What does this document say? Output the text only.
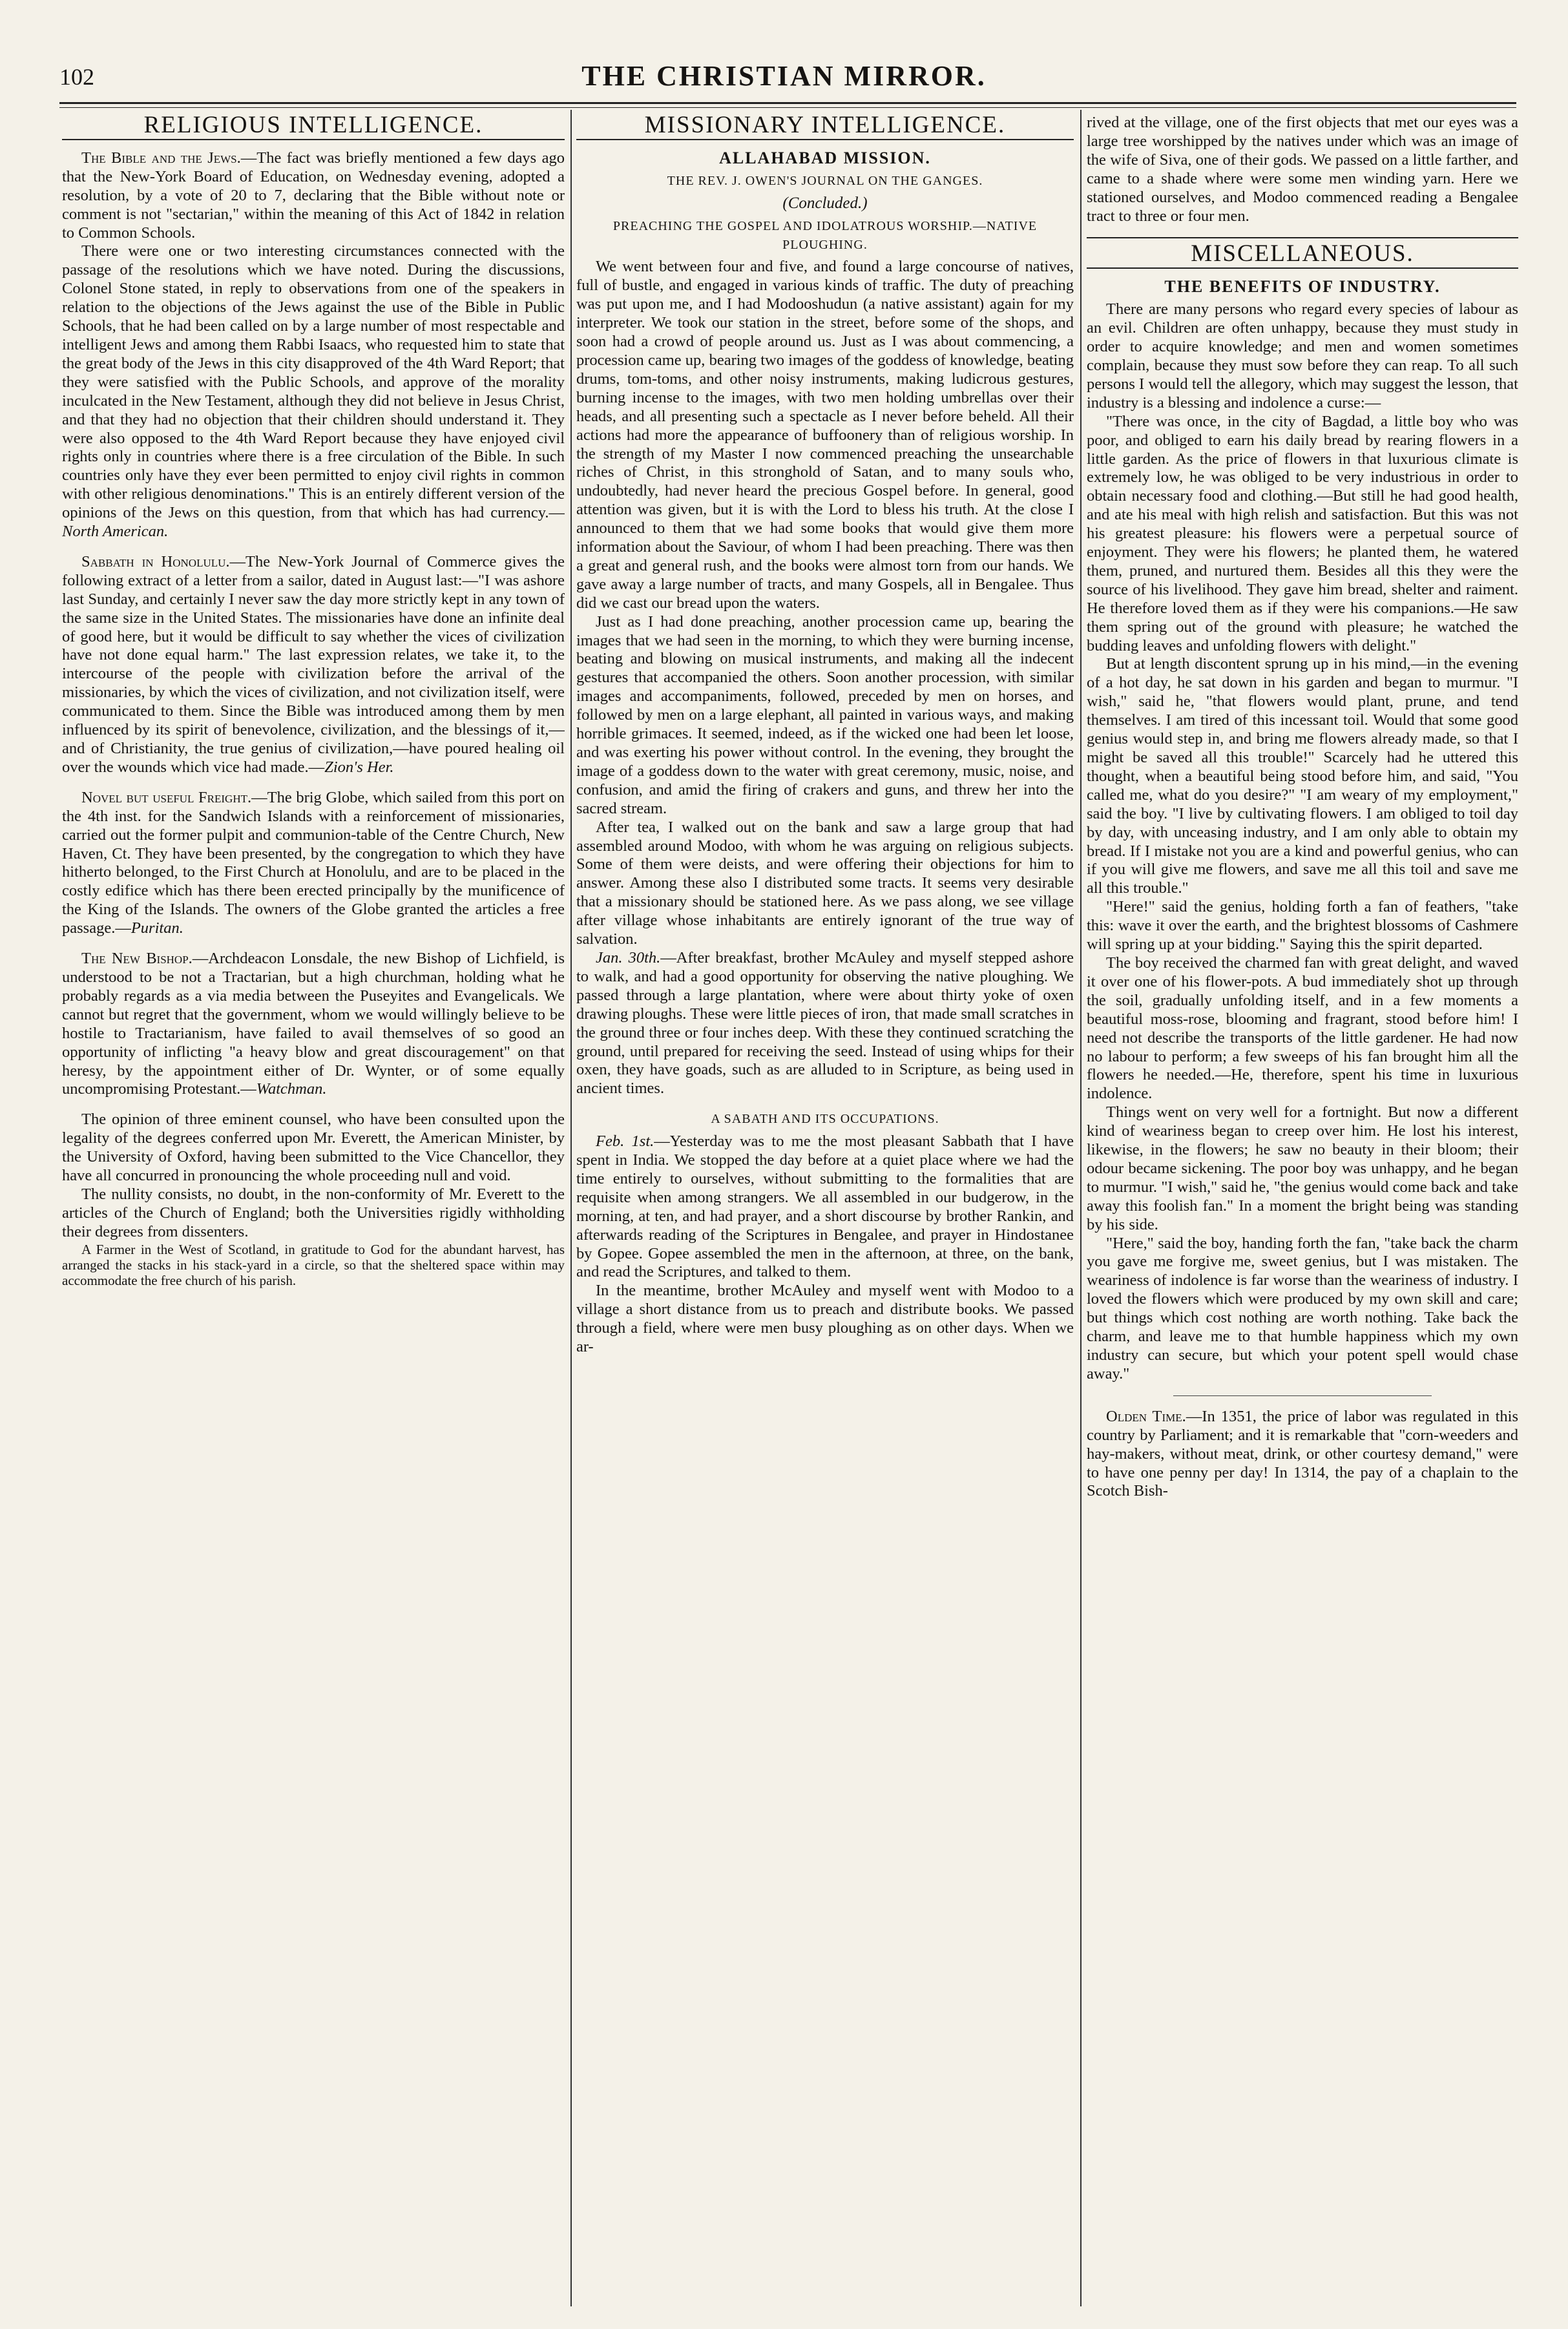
102	THE CHRISTIAN MIRROR.
RELIGIOUS INTELLIGENCE.

The Bible and the Jews.—The fact was briefly mentioned a few days ago that the New-York Board of Education, on Wednesday evening, adopted a resolution, by a vote of 20 to 7, declaring that the Bible without note or comment is not "sectarian," within the meaning of this Act of 1842 in relation to Common Schools.

There were one or two interesting circumstances connected with the passage of the resolutions which we have noted. During the discussions, Colonel Stone stated, in reply to observations from one of the speakers in relation to the objections of the Jews against the use of the Bible in Public Schools, that he had been called on by a large number of most respectable and intelligent Jews and among them Rabbi Isaacs, who requested him to state that the great body of the Jews in this city disapproved of the 4th Ward Report; that they were satisfied with the Public Schools, and approve of the morality inculcated in the New Testament, although they did not believe in Jesus Christ, and that they had no objection that their children should understand it. They were also opposed to the 4th Ward Report because they have enjoyed civil rights only in countries where there is a free circulation of the Bible. In such countries only have they ever been permitted to enjoy civil rights in common with other religious denominations." This is an entirely different version of the opinions of the Jews on this question, from that which has had currency.—North American.

Sabbath in Honolulu.—The New-York Journal of Commerce gives the following extract of a letter from a sailor, dated in August last:—"I was ashore last Sunday, and certainly I never saw the day more strictly kept in any town of the same size in the United States. The missionaries have done an infinite deal of good here, but it would be difficult to say whether the vices of civilization have not done equal harm." The last expression relates, we take it, to the intercourse of the people with civilization before the arrival of the missionaries, by which the vices of civilization, and not civilization itself, were communicated to them. Since the Bible was introduced among them by men influenced by its spirit of benevolence, civilization, and the blessings of it,—and of Christianity, the true genius of civilization,—have poured healing oil over the wounds which vice had made.—Zion's Her.

Novel but useful Freight.—The brig Globe, which sailed from this port on the 4th inst. for the Sandwich Islands with a reinforcement of missionaries, carried out the former pulpit and communion-table of the Centre Church, New Haven, Ct. They have been presented, by the congregation to which they have hitherto belonged, to the First Church at Honolulu, and are to be placed in the costly edifice which has there been erected principally by the munificence of the King of the Islands. The owners of the Globe granted the articles a free passage.—Puritan.

The New Bishop.—Archdeacon Lonsdale, the new Bishop of Lichfield, is understood to be not a Tractarian, but a high churchman, holding what he probably regards as a via media between the Puseyites and Evangelicals. We cannot but regret that the government, whom we would willingly believe to be hostile to Tractarianism, have failed to avail themselves of so good an opportunity of inflicting "a heavy blow and great discouragement" on that heresy, by the appointment either of Dr. Wynter, or of some equally uncompromising Protestant.—Watchman.

The opinion of three eminent counsel, who have been consulted upon the legality of the degrees conferred upon Mr. Everett, the American Minister, by the University of Oxford, having been submitted to the Vice Chancellor, they have all concurred in pronouncing the whole proceeding null and void.

The nullity consists, no doubt, in the non-conformity of Mr. Everett to the articles of the Church of England; both the Universities rigidly withholding their degrees from dissenters.

A Farmer in the West of Scotland, in gratitude to God for the abundant harvest, has arranged the stacks in his stack-yard in a circle, so that the sheltered space within may accommodate the free church of his parish.

MISSIONARY INTELLIGENCE.
ALLAHABAD MISSION.
THE REV. J. OWEN'S JOURNAL ON THE GANGES.
(Concluded.)
PREACHING THE GOSPEL AND IDOLATROUS WORSHIP.—NATIVE PLOUGHING.

We went between four and five, and found a large concourse of natives, full of bustle, and engaged in various kinds of traffic. The duty of preaching was put upon me, and I had Modooshudun (a native assistant) again for my interpreter. We took our station in the street, before some of the shops, and soon had a crowd of people around us. Just as I was about commencing, a procession came up, bearing two images of the goddess of knowledge, beating drums, tom-toms, and other noisy instruments, making ludicrous gestures, burning incense to the images, with two men holding umbrellas over their heads, and all presenting such a spectacle as I never before beheld. All their actions had more the appearance of buffoonery than of religious worship. In the strength of my Master I now commenced preaching the unsearchable riches of Christ, in this stronghold of Satan, and to many souls who, undoubtedly, had never heard the precious Gospel before. In general, good attention was given, but it is with the Lord to bless his truth. At the close I announced to them that we had some books that would give them more information about the Saviour, of whom I had been preaching. There was then a great and general rush, and the books were almost torn from our hands. We gave away a large number of tracts, and many Gospels, all in Bengalee. Thus did we cast our bread upon the waters.

Just as I had done preaching, another procession came up, bearing the images that we had seen in the morning, to which they were burning incense, beating and blowing on musical instruments, and making all the indecent gestures that accompanied the others. Soon another procession, with similar images and accompaniments, followed, preceded by men on horses, and followed by men on a large elephant, all painted in various ways, and making horrible grimaces. It seemed, indeed, as if the wicked one had been let loose, and was exerting his power without control. In the evening, they brought the image of a goddess down to the water with great ceremony, music, noise, and confusion, and amid the firing of crakers and guns, and threw her into the sacred stream.

After tea, I walked out on the bank and saw a large group that had assembled around Modoo, with whom he was arguing on religious subjects. Some of them were deists, and were offering their objections for him to answer. Among these also I distributed some tracts. It seems very desirable that a missionary should be stationed here. As we pass along, we see village after village whose inhabitants are entirely ignorant of the true way of salvation.

Jan. 30th.—After breakfast, brother McAuley and myself stepped ashore to walk, and had a good opportunity for observing the native ploughing. We passed through a large plantation, where were about thirty yoke of oxen drawing ploughs. These were little pieces of iron, that made small scratches in the ground three or four inches deep. With these they continued scratching the ground, until prepared for receiving the seed. Instead of using whips for their oxen, they have goads, such as are alluded to in Scripture, as being used in ancient times.

A SABATH AND ITS OCCUPATIONS.

Feb. 1st.—Yesterday was to me the most pleasant Sabbath that I have spent in India. We stopped the day before at a quiet place where we had the time entirely to ourselves, without submitting to the formalities that are requisite when among strangers. We all assembled in our budgerow, in the morning, at ten, and had prayer, and a short discourse by brother Rankin, and afterwards reading of the Scriptures in Bengalee, and prayer in Hindostanee by Gopee. Gopee assembled the men in the afternoon, at three, on the bank, and read the Scriptures, and talked to them.

In the meantime, brother McAuley and myself went with Modoo to a village a short distance from us to preach and distribute books. We passed through a field, where were men busy ploughing as on other days. When we ar-

rived at the village, one of the first objects that met our eyes was a large tree worshipped by the natives under which was an image of the wife of Siva, one of their gods. We passed on a little farther, and came to a shade where were some men winding yarn. Here we stationed ourselves, and Modoo commenced reading a Bengalee tract to three or four men.

MISCELLANEOUS.
THE BENEFITS OF INDUSTRY.

There are many persons who regard every species of labour as an evil. Children are often unhappy, because they must study in order to acquire knowledge; and men and women sometimes complain, because they must sow before they can reap. To all such persons I would tell the allegory, which may suggest the lesson, that industry is a blessing and indolence a curse:—

"There was once, in the city of Bagdad, a little boy who was poor, and obliged to earn his daily bread by rearing flowers in a little garden. As the price of flowers in that luxurious climate is extremely low, he was obliged to be very industrious in order to obtain necessary food and clothing.—But still he had good health, and ate his meal with high relish and satisfaction. But this was not his greatest pleasure: his flowers were a perpetual source of enjoyment. They were his flowers; he planted them, he watered them, pruned, and nurtured them. Besides all this they were the source of his livelihood. They gave him bread, shelter and raiment. He therefore loved them as if they were his companions.—He saw them spring out of the ground with pleasure; he watched the budding leaves and unfolding flowers with delight."

But at length discontent sprung up in his mind,—in the evening of a hot day, he sat down in his garden and began to murmur. "I wish," said he, "that flowers would plant, prune, and tend themselves. I am tired of this incessant toil. Would that some good genius would step in, and bring me flowers already made, so that I might be saved all this trouble!" Scarcely had he uttered this thought, when a beautiful being stood before him, and said, "You called me, what do you desire?" "I am weary of my employment," said the boy. "I live by cultivating flowers. I am obliged to toil day by day, with unceasing industry, and I am only able to obtain my bread. If I mistake not you are a kind and powerful genius, who can if you will give me flowers, and save me all this toil and save me all this trouble."

"Here!" said the genius, holding forth a fan of feathers, "take this: wave it over the earth, and the brightest blossoms of Cashmere will spring up at your bidding." Saying this the spirit departed.

The boy received the charmed fan with great delight, and waved it over one of his flower-pots. A bud immediately shot up through the soil, gradually unfolding itself, and in a few moments a beautiful moss-rose, blooming and fragrant, stood before him! I need not describe the transports of the little gardener. He had now no labour to perform; a few sweeps of his fan brought him all the flowers he needed.—He, therefore, spent his time in luxurious indolence.

Things went on very well for a fortnight. But now a different kind of weariness began to creep over him. He lost his interest, likewise, in the flowers; he saw no beauty in their bloom; their odour became sickening. The poor boy was unhappy, and he began to murmur. "I wish," said he, "the genius would come back and take away this foolish fan." In a moment the bright being was standing by his side.

"Here," said the boy, handing forth the fan, "take back the charm you gave me forgive me, sweet genius, but I was mistaken. The weariness of indolence is far worse than the weariness of industry. I loved the flowers which were produced by my own skill and care; but things which cost nothing are worth nothing. Take back the charm, and leave me to that humble happiness which my own industry can secure, but which your potent spell would chase away."

Olden Time.—In 1351, the price of labor was regulated in this country by Parliament; and it is remarkable that "corn-weeders and hay-makers, without meat, drink, or other courtesy demand," were to have one penny per day! In 1314, the pay of a chaplain to the Scotch Bish-
